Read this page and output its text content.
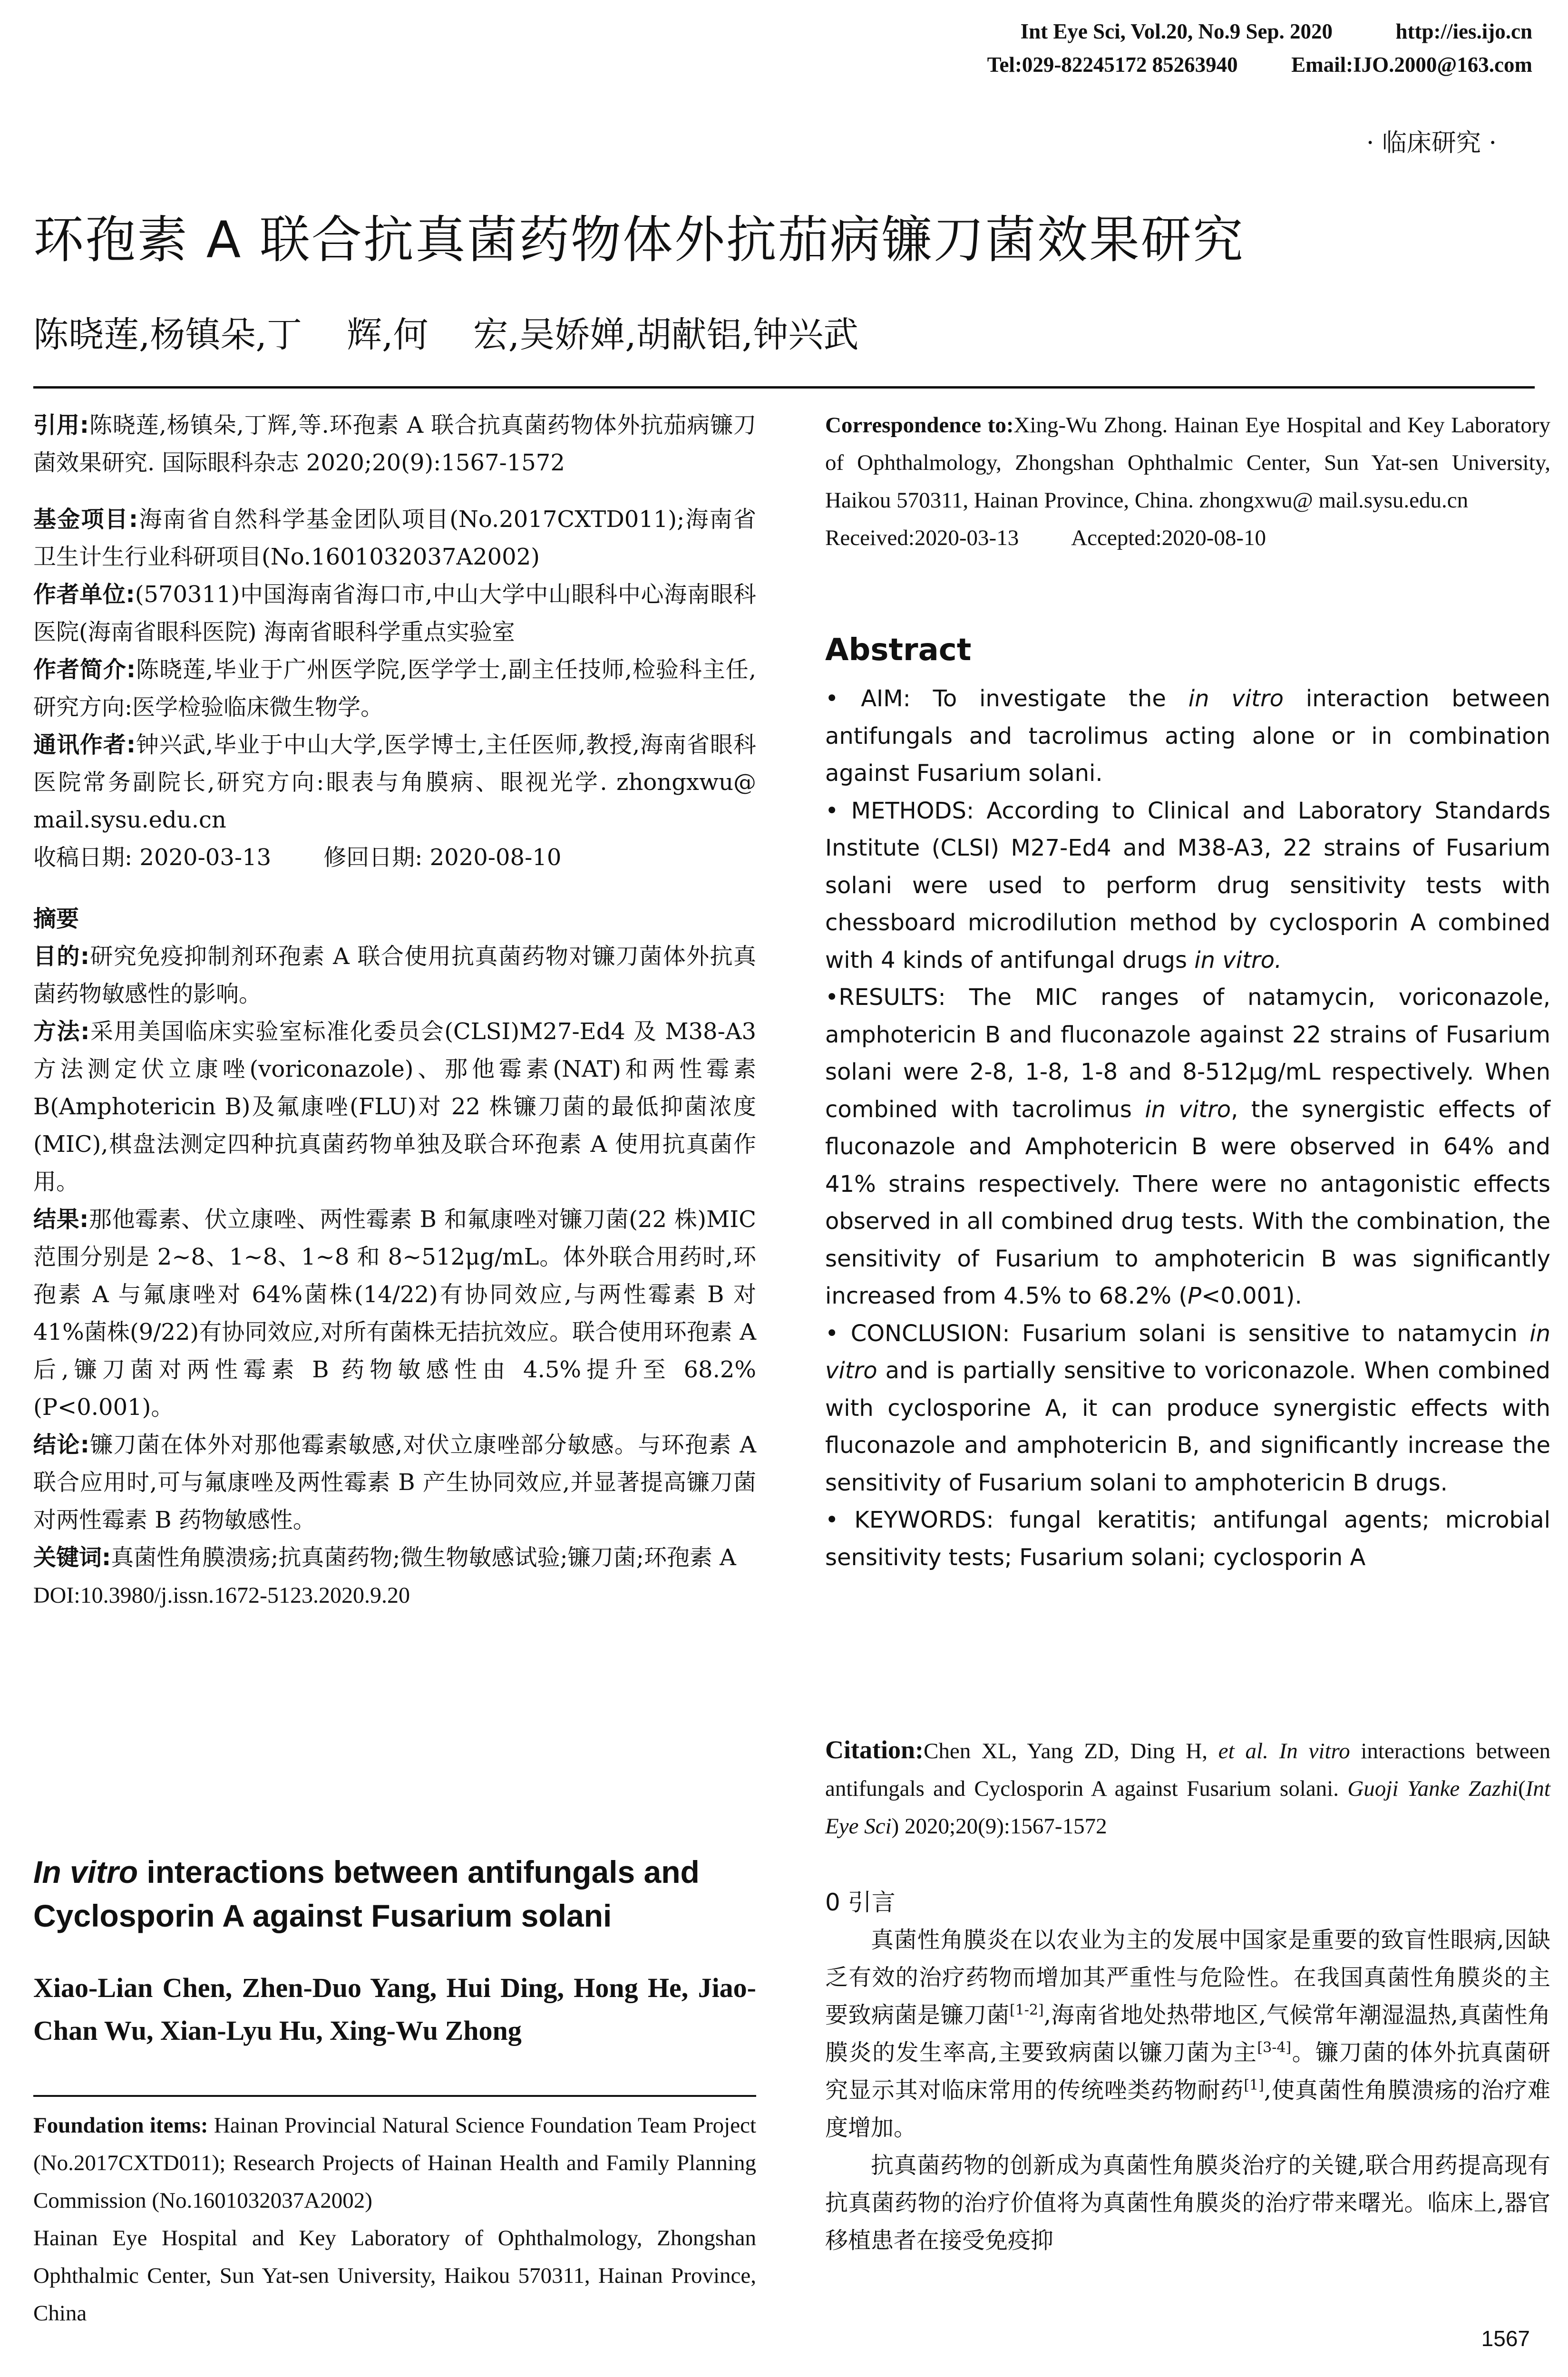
Int Eye Sci, Vol.20, No.9 Sep. 2020	http://ies.ijo.cn
Tel:029-82245172 85263940	Email:IJO.2000@163.com
· 临床研究 ·
环孢素 A 联合抗真菌药物体外抗茄病镰刀菌效果研究
陈晓莲,杨镇朵,丁    辉,何    宏,吴娇婵,胡献铝,钟兴武

引用:陈晓莲,杨镇朵,丁辉,等.环孢素 A 联合抗真菌药物体外抗茄病镰刀菌效果研究. 国际眼科杂志 2020;20(9):1567-1572

基金项目:海南省自然科学基金团队项目(No.2017CXTD011);海南省卫生计生行业科研项目(No.1601032037A2002)

作者单位:(570311)中国海南省海口市,中山大学中山眼科中心海南眼科医院(海南省眼科医院) 海南省眼科学重点实验室

作者简介:陈晓莲,毕业于广州医学院,医学学士,副主任技师,检验科主任,研究方向:医学检验临床微生物学。

通讯作者:钟兴武,毕业于中山大学,医学博士,主任医师,教授,海南省眼科医院常务副院长,研究方向:眼表与角膜病、眼视光学. zhongxwu@ mail.sysu.edu.cn

收稿日期: 2020-03-13 修回日期: 2020-08-10

摘要

目的:研究免疫抑制剂环孢素 A 联合使用抗真菌药物对镰刀菌体外抗真菌药物敏感性的影响。

方法:采用美国临床实验室标准化委员会(CLSI)M27-Ed4 及 M38-A3 方法测定伏立康唑(voriconazole)、那他霉素(NAT)和两性霉素 B(Amphotericin B)及氟康唑(FLU)对 22 株镰刀菌的最低抑菌浓度(MIC),棋盘法测定四种抗真菌药物单独及联合环孢素 A 使用抗真菌作用。

结果:那他霉素、伏立康唑、两性霉素 B 和氟康唑对镰刀菌(22 株)MIC 范围分别是 2~8、1~8、1~8 和 8~512μg/mL。体外联合用药时,环孢素 A 与氟康唑对 64%菌株(14/22)有协同效应,与两性霉素 B 对 41%菌株(9/22)有协同效应,对所有菌株无拮抗效应。联合使用环孢素 A 后,镰刀菌对两性霉素 B 药物敏感性由 4.5%提升至 68.2%(P<0.001)。

结论:镰刀菌在体外对那他霉素敏感,对伏立康唑部分敏感。与环孢素 A 联合应用时,可与氟康唑及两性霉素 B 产生协同效应,并显著提高镰刀菌对两性霉素 B 药物敏感性。

关键词:真菌性角膜溃疡;抗真菌药物;微生物敏感试验;镰刀菌;环孢素 A

DOI:10.3980/j.issn.1672-5123.2020.9.20

In vitro interactions between antifungals and Cyclosporin A against Fusarium solani
Xiao-Lian Chen, Zhen-Duo Yang, Hui Ding, Hong He, Jiao-Chan Wu, Xian-Lyu Hu, Xing-Wu Zhong

Foundation items: Hainan Provincial Natural Science Foundation Team Project (No.2017CXTD011); Research Projects of Hainan Health and Family Planning Commission (No.1601032037A2002)

Hainan Eye Hospital and Key Laboratory of Ophthalmology, Zhongshan Ophthalmic Center, Sun Yat-sen University, Haikou 570311, Hainan Province, China

Correspondence to:Xing-Wu Zhong. Hainan Eye Hospital and Key Laboratory of Ophthalmology, Zhongshan Ophthalmic Center, Sun Yat-sen University, Haikou 570311, Hainan Province, China. zhongxwu@ mail.sysu.edu.cn

Received:2020-03-13 Accepted:2020-08-10

Abstract

• AIM: To investigate the in vitro interaction between antifungals and tacrolimus acting alone or in combination against Fusarium solani.

• METHODS: According to Clinical and Laboratory Standards Institute (CLSI) M27-Ed4 and M38-A3, 22 strains of Fusarium solani were used to perform drug sensitivity tests with chessboard microdilution method by cyclosporin A combined with 4 kinds of antifungal drugs in vitro.

•RESULTS: The MIC ranges of natamycin, voriconazole, amphotericin B and fluconazole against 22 strains of Fusarium solani were 2-8, 1-8, 1-8 and 8-512μg/mL respectively. When combined with tacrolimus in vitro, the synergistic effects of fluconazole and Amphotericin B were observed in 64% and 41% strains respectively. There were no antagonistic effects observed in all combined drug tests. With the combination, the sensitivity of Fusarium to amphotericin B was significantly increased from 4.5% to 68.2% (P<0.001).

• CONCLUSION: Fusarium solani is sensitive to natamycin in vitro and is partially sensitive to voriconazole. When combined with cyclosporine A, it can produce synergistic effects with fluconazole and amphotericin B, and significantly increase the sensitivity of Fusarium solani to amphotericin B drugs.

• KEYWORDS: fungal keratitis; antifungal agents; microbial sensitivity tests; Fusarium solani; cyclosporin A

Citation:Chen XL, Yang ZD, Ding H, et al. In vitro interactions between antifungals and Cyclosporin A against Fusarium solani. Guoji Yanke Zazhi(Int Eye Sci) 2020;20(9):1567-1572

0 引言

真菌性角膜炎在以农业为主的发展中国家是重要的致盲性眼病,因缺乏有效的治疗药物而增加其严重性与危险性。在我国真菌性角膜炎的主要致病菌是镰刀菌[1-2],海南省地处热带地区,气候常年潮湿温热,真菌性角膜炎的发生率高,主要致病菌以镰刀菌为主[3-4]。镰刀菌的体外抗真菌研究显示其对临床常用的传统唑类药物耐药[1],使真菌性角膜溃疡的治疗难度增加。

抗真菌药物的创新成为真菌性角膜炎治疗的关键,联合用药提高现有抗真菌药物的治疗价值将为真菌性角膜炎的治疗带来曙光。临床上,器官移植患者在接受免疫抑

1567
